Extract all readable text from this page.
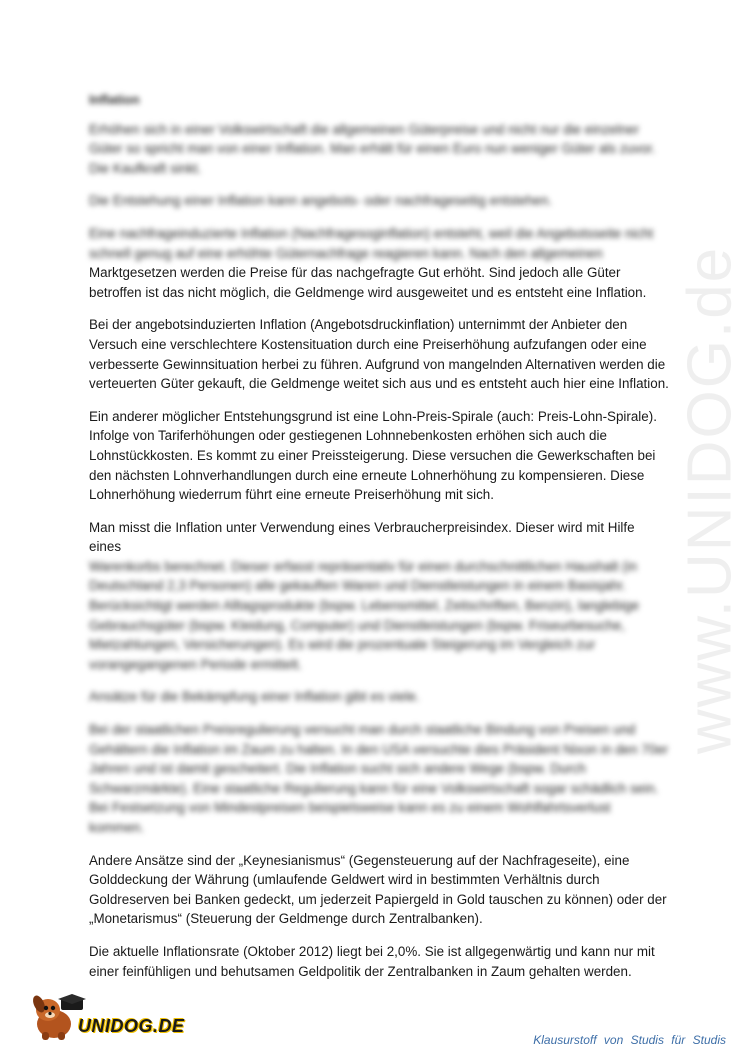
www.UNIDOG.de

Inflation

Erhöhen sich in einer Volkswirtschaft die allgemeinen Güterpreise und nicht nur die einzelner Güter so spricht man von einer Inflation. Man erhält für einen Euro nun weniger Güter als zuvor. Die Kaufkraft sinkt.

Die Entstehung einer Inflation kann angebots- oder nachfrageseitig entstehen.

Eine nachfrageinduzierte Inflation (Nachfragesoginflation) entsteht, weil die Angebotsseite nicht schnell genug auf eine erhöhte Güternachfrage reagieren kann. Nach den allgemeinen
Marktgesetzen werden die Preise für das nachgefragte Gut erhöht. Sind jedoch alle Güter betroffen ist das nicht möglich, die Geldmenge wird ausgeweitet und es entsteht eine Inflation.

Bei der angebotsinduzierten Inflation (Angebotsdruckinflation) unternimmt der Anbieter den Versuch eine verschlechtere Kostensituation durch eine Preiserhöhung aufzufangen oder eine verbesserte Gewinnsituation herbei zu führen. Aufgrund von mangelnden Alternativen werden die verteuerten Güter gekauft, die Geldmenge weitet sich aus und es entsteht auch hier eine Inflation.

Ein anderer möglicher Entstehungsgrund ist eine Lohn-Preis-Spirale (auch: Preis-Lohn-Spirale). Infolge von Tariferhöhungen oder gestiegenen Lohnnebenkosten erhöhen sich auch die Lohnstückkosten. Es kommt zu einer Preissteigerung. Diese versuchen die Gewerkschaften bei den nächsten Lohnverhandlungen durch eine erneute Lohnerhöhung zu kompensieren. Diese Lohnerhöhung wiederrum führt eine erneute Preiserhöhung mit sich.

Man misst die Inflation unter Verwendung eines Verbraucherpreisindex. Dieser wird mit Hilfe eines
Warenkorbs berechnet. Dieser erfasst repräsentativ für einen durchschnittlichen Haushalt (in Deutschland 2,3 Personen) alle gekauften Waren und Dienstleistungen in einem Basisjahr. Berücksichtigt werden Alltagsprodukte (bspw. Lebensmittel, Zeitschriften, Benzin), langlebige Gebrauchsgüter (bspw. Kleidung, Computer) und Dienstleistungen (bspw. Friseurbesuche, Mietzahlungen, Versicherungen). Es wird die prozentuale Steigerung im Vergleich zur vorangegangenen Periode ermittelt.

Ansätze für die Bekämpfung einer Inflation gibt es viele.

Bei der staatlichen Preisregulierung versucht man durch staatliche Bindung von Preisen und Gehältern die Inflation im Zaum zu halten. In den USA versuchte dies Präsident Nixon in den 70er Jahren und ist damit gescheitert. Die Inflation sucht sich andere Wege (bspw. Durch Schwarzmärkte). Eine staatliche Regulierung kann für eine Volkswirtschaft sogar schädlich sein. Bei Festsetzung von Mindestpreisen beispielsweise kann es zu einem Wohlfahrtsverlust kommen.

Andere Ansätze sind der „Keynesianismus“ (Gegensteuerung auf der Nachfrageseite), eine Golddeckung der Währung (umlaufende Geldwert wird in bestimmten Verhältnis durch Goldreserven bei Banken gedeckt, um jederzeit Papiergeld in Gold tauschen zu können) oder der „Monetarismus“ (Steuerung der Geldmenge durch Zentralbanken).

Die aktuelle Inflationsrate (Oktober 2012) liegt bei 2,0%. Sie ist allgegenwärtig und kann nur mit einer feinfühligen und behutsamen Geldpolitik der Zentralbanken in Zaum gehalten werden.

UNIDOG.DE
Klausurstoff von Studis für Studis
